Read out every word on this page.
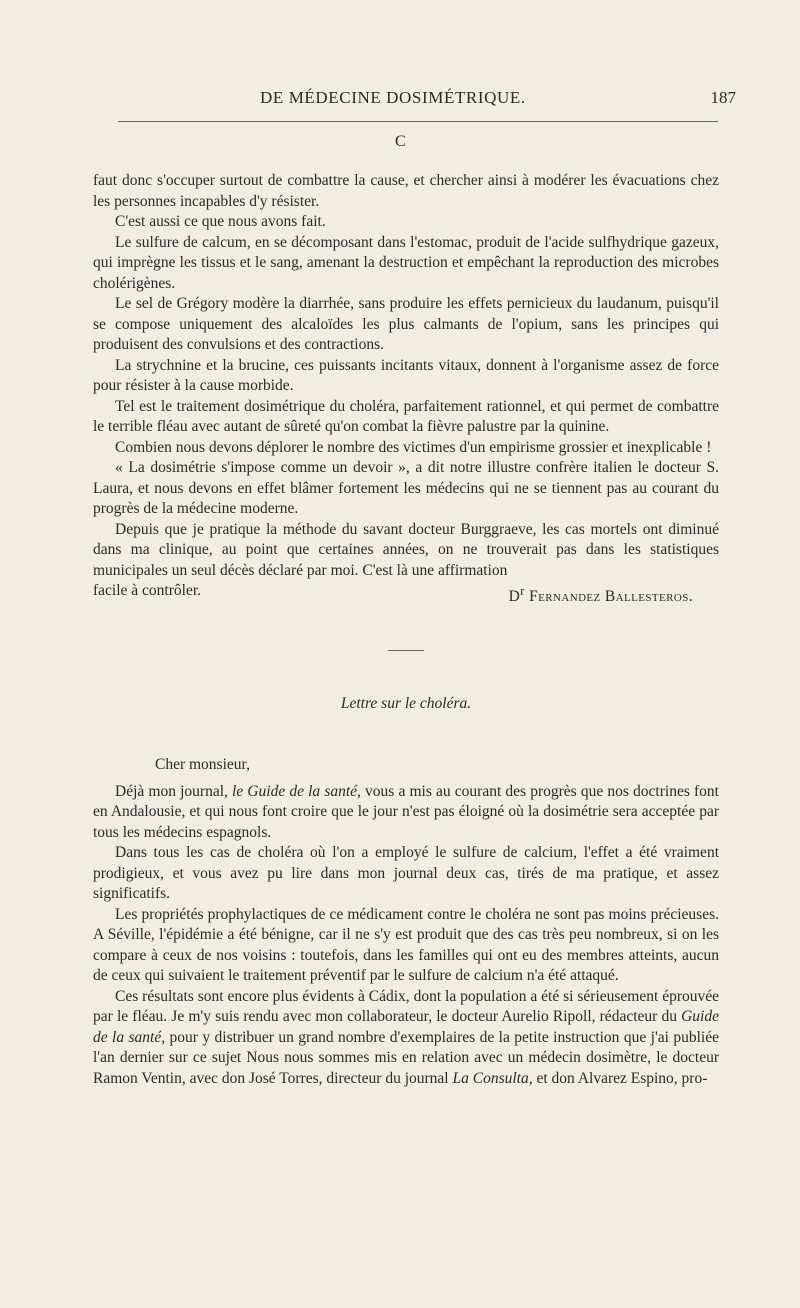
DE MÉDECINE DOSIMÉTRIQUE.	187
C

faut donc s'occuper surtout de combattre la cause, et chercher ainsi à modérer les évacuations chez les personnes incapables d'y résister.

C'est aussi ce que nous avons fait.

Le sulfure de calcum, en se décomposant dans l'estomac, produit de l'acide sulfhydrique gazeux, qui imprègne les tissus et le sang, amenant la destruction et empêchant la reproduction des microbes cholérigènes.

Le sel de Grégory modère la diarrhée, sans produire les effets pernicieux du laudanum, puisqu'il se compose uniquement des alcaloïdes les plus calmants de l'opium, sans les principes qui produisent des convulsions et des contractions.

La strychnine et la brucine, ces puissants incitants vitaux, donnent à l'organisme assez de force pour résister à la cause morbide.

Tel est le traitement dosimétrique du choléra, parfaitement rationnel, et qui permet de combattre le terrible fléau avec autant de sûreté qu'on combat la fièvre palustre par la quinine.

Combien nous devons déplorer le nombre des victimes d'un empirisme grossier et inexplicable !

« La dosimétrie s'impose comme un devoir », a dit notre illustre confrère italien le docteur S. Laura, et nous devons en effet blâmer fortement les médecins qui ne se tiennent pas au courant du progrès de la médecine moderne.

Depuis que je pratique la méthode du savant docteur Burggraeve, les cas mortels ont diminué dans ma clinique, au point que certaines années, on ne trouverait pas dans les statistiques municipales un seul décès déclaré par moi. C'est là une affirmation

facile à contrôler.	$D^r$ Fernandez Ballesteros.
Lettre sur le choléra.

Cher monsieur,

Déjà mon journal, le Guide de la santé, vous a mis au courant des progrès que nos doctrines font en Andalousie, et qui nous font croire que le jour n'est pas éloigné où la dosimétrie sera acceptée par tous les médecins espagnols.

Dans tous les cas de choléra où l'on a employé le sulfure de calcium, l'effet a été vraiment prodigieux, et vous avez pu lire dans mon journal deux cas, tirés de ma pratique, et assez significatifs.

Les propriétés prophylactiques de ce médicament contre le choléra ne sont pas moins précieuses. A Séville, l'épidémie a été bénigne, car il ne s'y est produit que des cas très peu nombreux, si on les compare à ceux de nos voisins : toutefois, dans les familles qui ont eu des membres atteints, aucun de ceux qui suivaient le traitement préventif par le sulfure de calcium n'a été attaqué.

Ces résultats sont encore plus évidents à Cádix, dont la population a été si sérieusement éprouvée par le fléau. Je m'y suis rendu avec mon collaborateur, le docteur Aurelio Ripoll, rédacteur du Guide de la santé, pour y distribuer un grand nombre d'exemplaires de la petite instruction que j'ai publiée l'an dernier sur ce sujet Nous nous sommes mis en relation avec un médecin dosimètre, le docteur Ramon Ventin, avec don José Torres, directeur du journal La Consulta, et don Alvarez Espino, pro-
